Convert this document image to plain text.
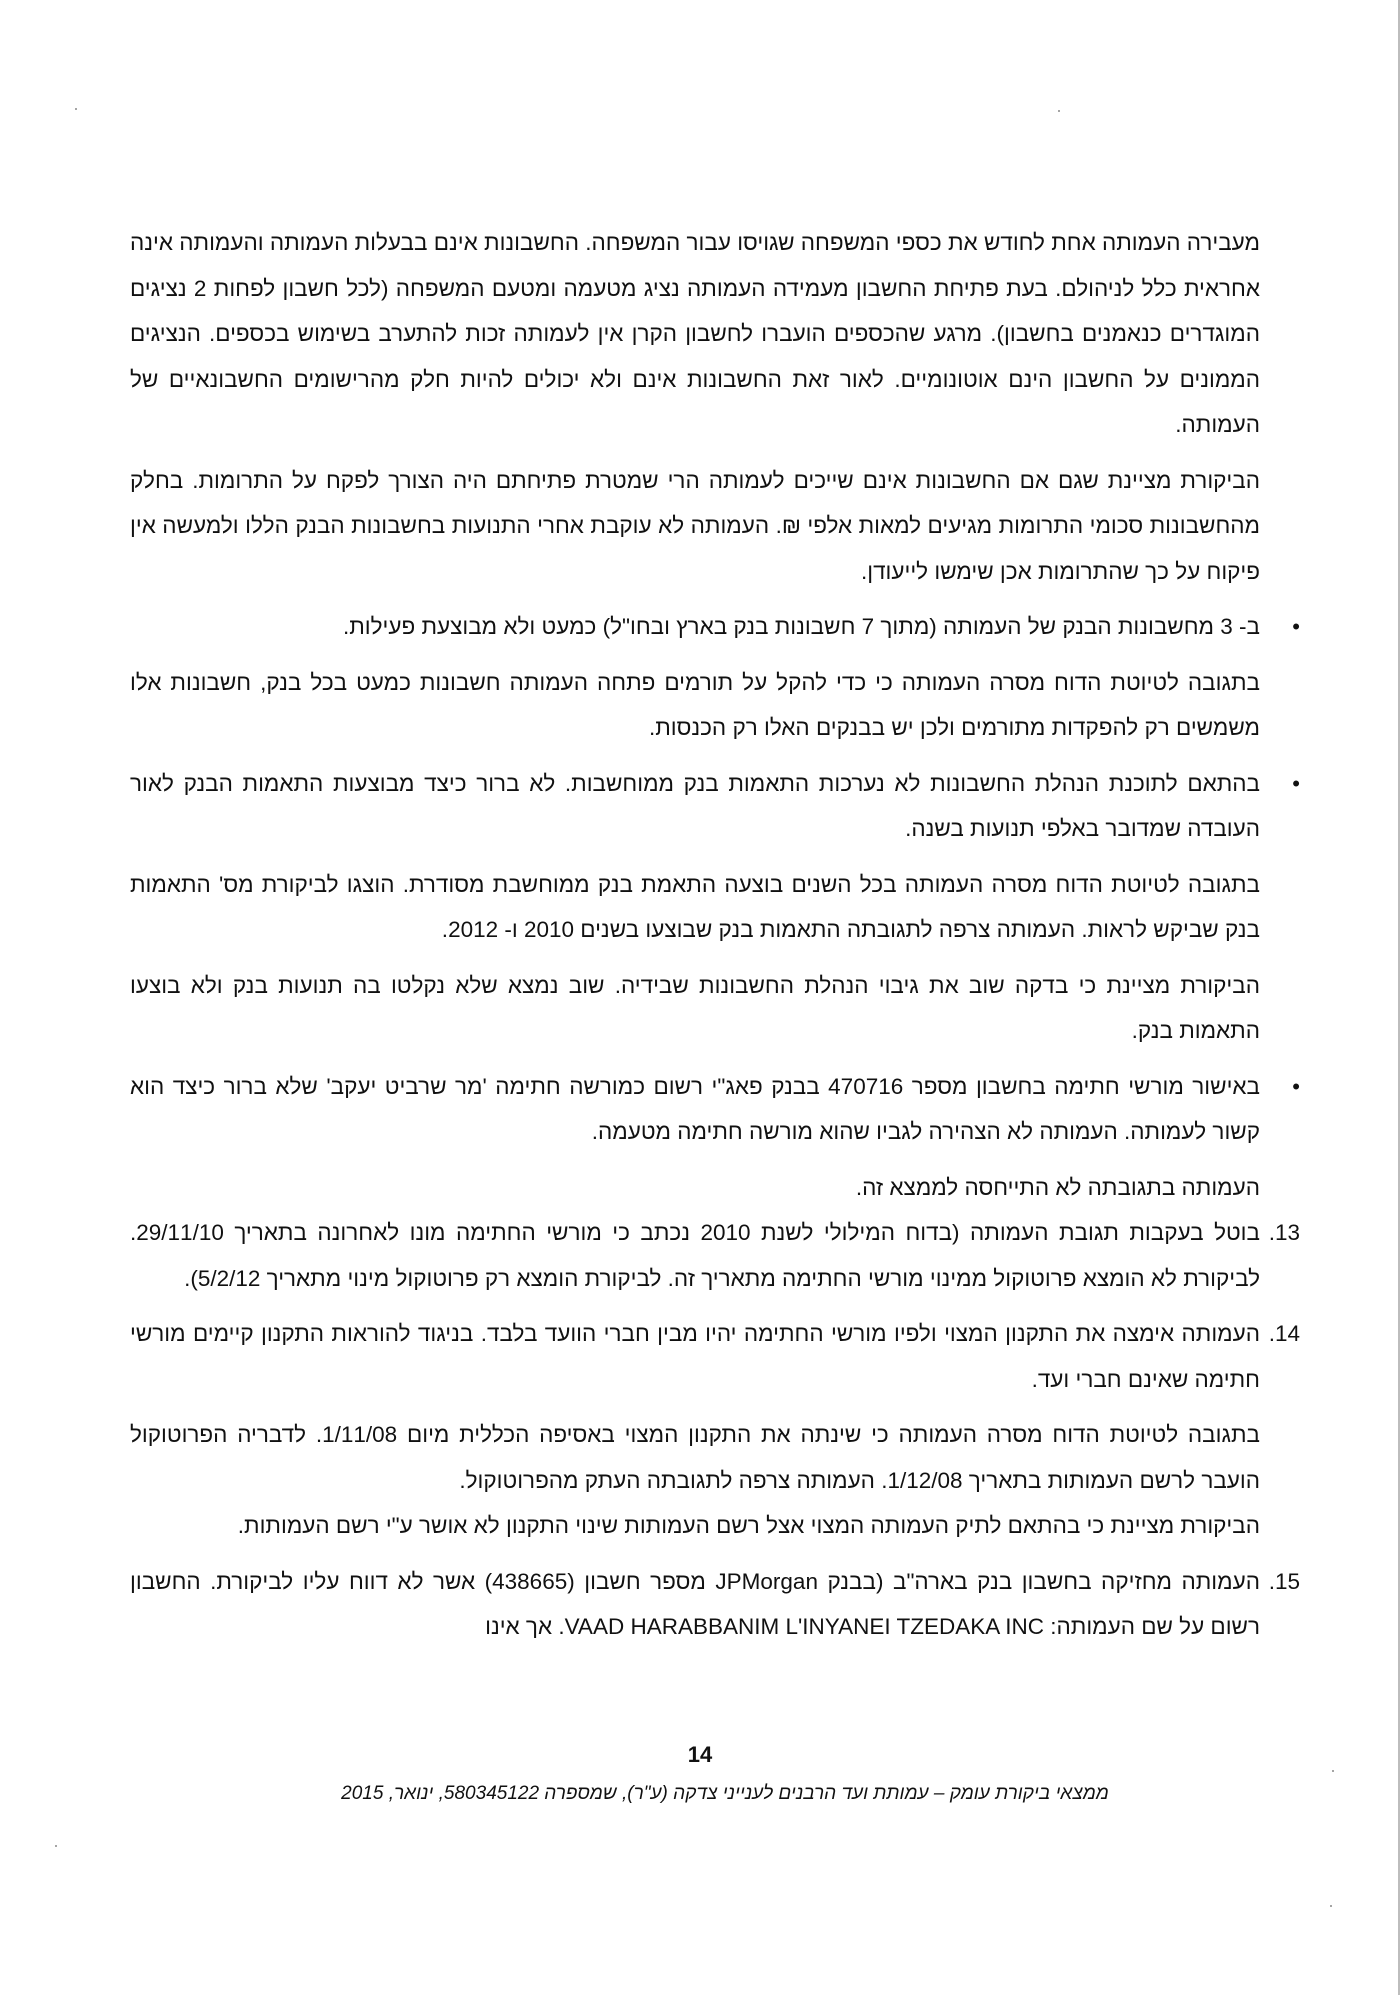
מעבירה העמותה אחת לחודש את כספי המשפחה שגויסו עבור המשפחה. החשבונות אינם בבעלות העמותה והעמותה אינה אחראית כלל לניהולם. בעת פתיחת החשבון מעמידה העמותה נציג מטעמה ומטעם המשפחה (לכל חשבון לפחות 2 נציגים המוגדרים כנאמנים בחשבון). מרגע שהכספים הועברו לחשבון הקרן אין לעמותה זכות להתערב בשימוש בכספים. הנציגים הממונים על החשבון הינם אוטונומיים. לאור זאת החשבונות אינם ולא יכולים להיות חלק מהרישומים החשבונאיים של העמותה.

הביקורת מציינת שגם אם החשבונות אינם שייכים לעמותה הרי שמטרת פתיחתם היה הצורך לפקח על התרומות. בחלק מהחשבונות סכומי התרומות מגיעים למאות אלפי ₪. העמותה לא עוקבת אחרי התנועות בחשבונות הבנק הללו ולמעשה אין פיקוח על כך שהתרומות אכן שימשו לייעודן.

•

ב- 3 מחשבונות הבנק של העמותה (מתוך 7 חשבונות בנק בארץ ובחו"ל) כמעט ולא מבוצעת פעילות.

בתגובה לטיוטת הדוח מסרה העמותה כי כדי להקל על תורמים פתחה העמותה חשבונות כמעט בכל בנק, חשבונות אלו משמשים רק להפקדות מתורמים ולכן יש בבנקים האלו רק הכנסות.

•

בהתאם לתוכנת הנהלת החשבונות לא נערכות התאמות בנק ממוחשבות. לא ברור כיצד מבוצעות התאמות הבנק לאור העובדה שמדובר באלפי תנועות בשנה.

בתגובה לטיוטת הדוח מסרה העמותה בכל השנים בוצעה התאמת בנק ממוחשבת מסודרת. הוצגו לביקורת מס' התאמות בנק שביקש לראות. העמותה צרפה לתגובתה התאמות בנק שבוצעו בשנים 2010 ו- 2012.

הביקורת מציינת כי בדקה שוב את גיבוי הנהלת החשבונות שבידיה. שוב נמצא שלא נקלטו בה תנועות בנק ולא בוצעו התאמות בנק.

•

באישור מורשי חתימה בחשבון מספר 470716 בבנק פאג"י רשום כמורשה חתימה 'מר שרביט יעקב' שלא ברור כיצד הוא קשור לעמותה. העמותה לא הצהירה לגביו שהוא מורשה חתימה מטעמה.

העמותה בתגובתה לא התייחסה לממצא זה.

13.

בוטל בעקבות תגובת העמותה (בדוח המילולי לשנת 2010 נכתב כי מורשי החתימה מונו לאחרונה בתאריך 29/11/10. לביקורת לא הומצא פרוטוקול ממינוי מורשי החתימה מתאריך זה. לביקורת הומצא רק פרוטוקול מינוי מתאריך 5/2/12).

14.

העמותה אימצה את התקנון המצוי ולפיו מורשי החתימה יהיו מבין חברי הוועד בלבד. בניגוד להוראות התקנון קיימים מורשי חתימה שאינם חברי ועד.

בתגובה לטיוטת הדוח מסרה העמותה כי שינתה את התקנון המצוי באסיפה הכללית מיום 1/11/08. לדבריה הפרוטוקול הועבר לרשם העמותות בתאריך 1/12/08. העמותה צרפה לתגובתה העתק מהפרוטוקול.

הביקורת מציינת כי בהתאם לתיק העמותה המצוי אצל רשם העמותות שינוי התקנון לא אושר ע"י רשם העמותות.

15.

העמותה מחזיקה בחשבון בנק בארה"ב (בבנק JPMorgan מספר חשבון (438665) אשר לא דווח עליו לביקורת. החשבון רשום על שם העמותה: VAAD HARABBANIM L'INYANEI TZEDAKA INC. אך אינו

14
ממצאי ביקורת עומק – עמותת ועד הרבנים לענייני צדקה (ע"ר), שמספרה 580345122, ינואר, 2015
